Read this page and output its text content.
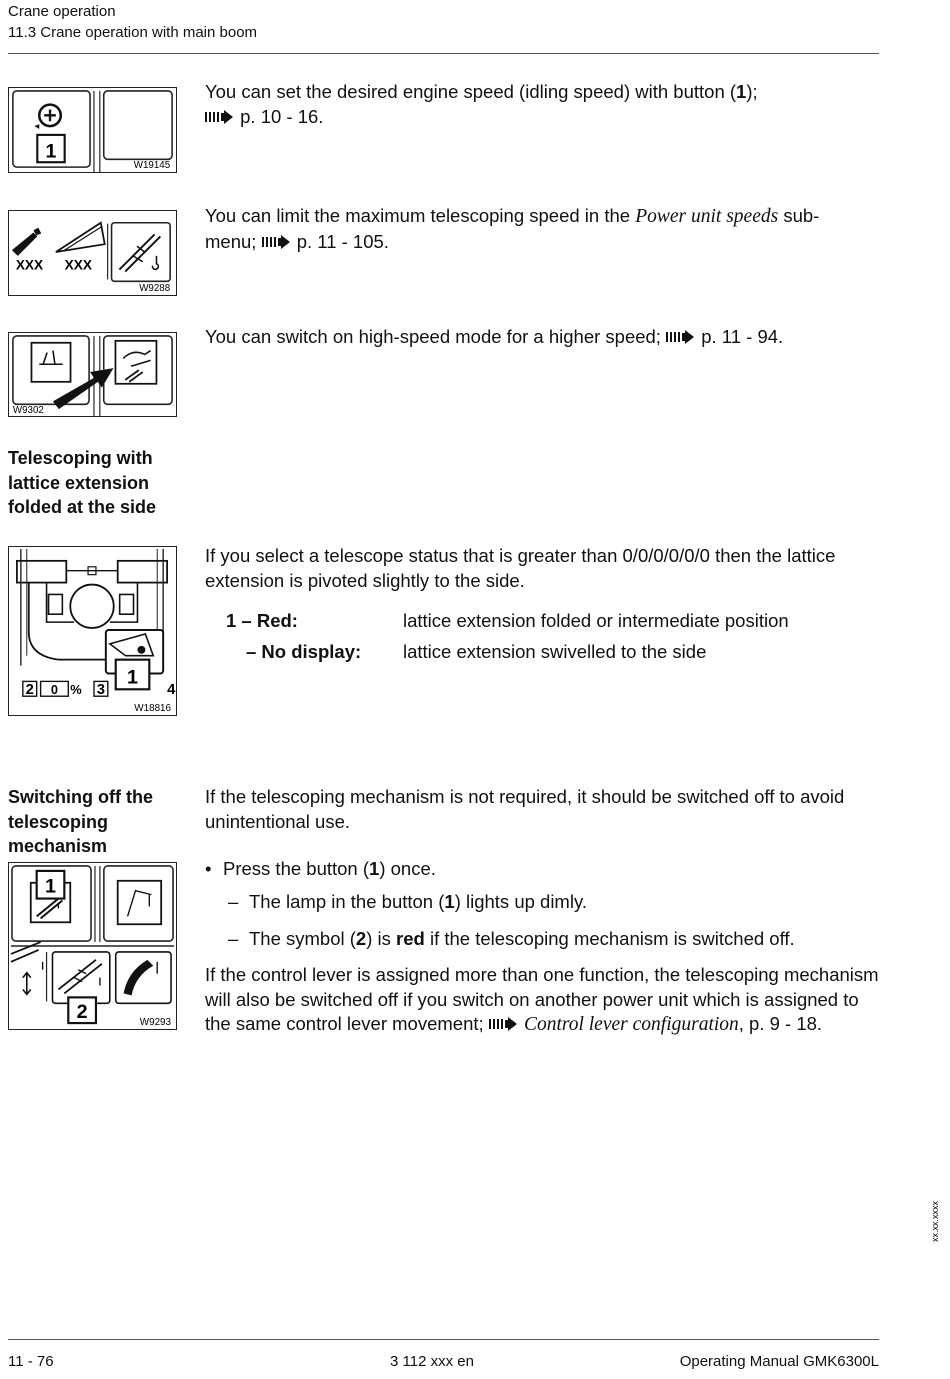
Crane operation
11.3 Crane operation with main boom
1
W19145
You can set the desired engine speed (idling speed) with button (1);
p. 10 - 16.
XXX XXX
W9288
You can limit the maximum telescoping speed in the Power unit speeds sub-
menu; p. 11 - 105.
W9302
You can switch on high-speed mode for a higher speed; p. 11 - 94.
Telescoping with
lattice extension
folded at the side
1
2 0 % 3	4
W18816
If you select a telescope status that is greater than 0/0/0/0/0/0 then the lattice extension is pivoted slightly to the side.
1 – Red:	lattice extension folded or intermediate position
– No display: lattice extension swivelled to the side
Switching off the
telescoping
mechanism
1
2	W9293
If the telescoping mechanism is not required, it should be switched off to avoid unintentional use.
• Press the button (1) once.
– The lamp in the button (1) lights up dimly.
– The symbol (2) is red if the telescoping mechanism is switched off.
If the control lever is assigned more than one function, the telescoping mechanism will also be switched off if you switch on another power unit which is assigned to the same control lever movement; Control lever configuration, p. 9 - 18.
xx.xx.xxxx
11 - 76	3 112 xxx en	Operating Manual GMK6300L
